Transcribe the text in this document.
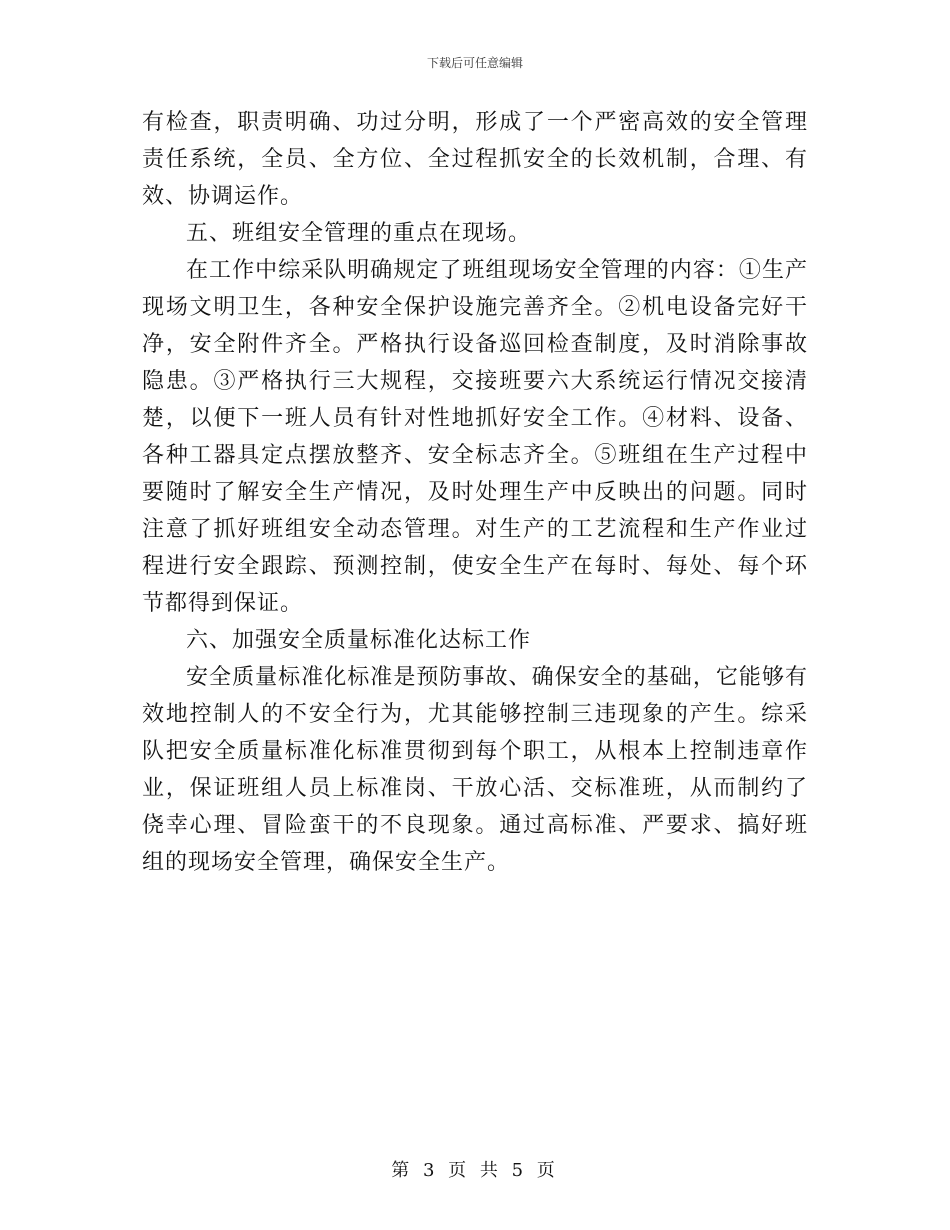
下载后可任意编辑

有检查，职责明确、功过分明，形成了一个严密高效的安全管理责任系统，全员、全方位、全过程抓安全的长效机制，合理、有效、协调运作。

五、班组安全管理的重点在现场。

在工作中综采队明确规定了班组现场安全管理的内容：①生产现场文明卫生，各种安全保护设施完善齐全。②机电设备完好干净，安全附件齐全。严格执行设备巡回检查制度，及时消除事故隐患。③严格执行三大规程，交接班要六大系统运行情况交接清楚，以便下一班人员有针对性地抓好安全工作。④材料、设备、各种工器具定点摆放整齐、安全标志齐全。⑤班组在生产过程中要随时了解安全生产情况，及时处理生产中反映出的问题。同时注意了抓好班组安全动态管理。对生产的工艺流程和生产作业过程进行安全跟踪、预测控制，使安全生产在每时、每处、每个环节都得到保证。

六、加强安全质量标准化达标工作

安全质量标准化标准是预防事故、确保安全的基础，它能够有效地控制人的不安全行为，尤其能够控制三违现象的产生。综采队把安全质量标准化标准贯彻到每个职工，从根本上控制违章作业，保证班组人员上标准岗、干放心活、交标准班，从而制约了侥幸心理、冒险蛮干的不良现象。通过高标准、严要求、搞好班组的现场安全管理，确保安全生产。

第 3 页 共 5 页
